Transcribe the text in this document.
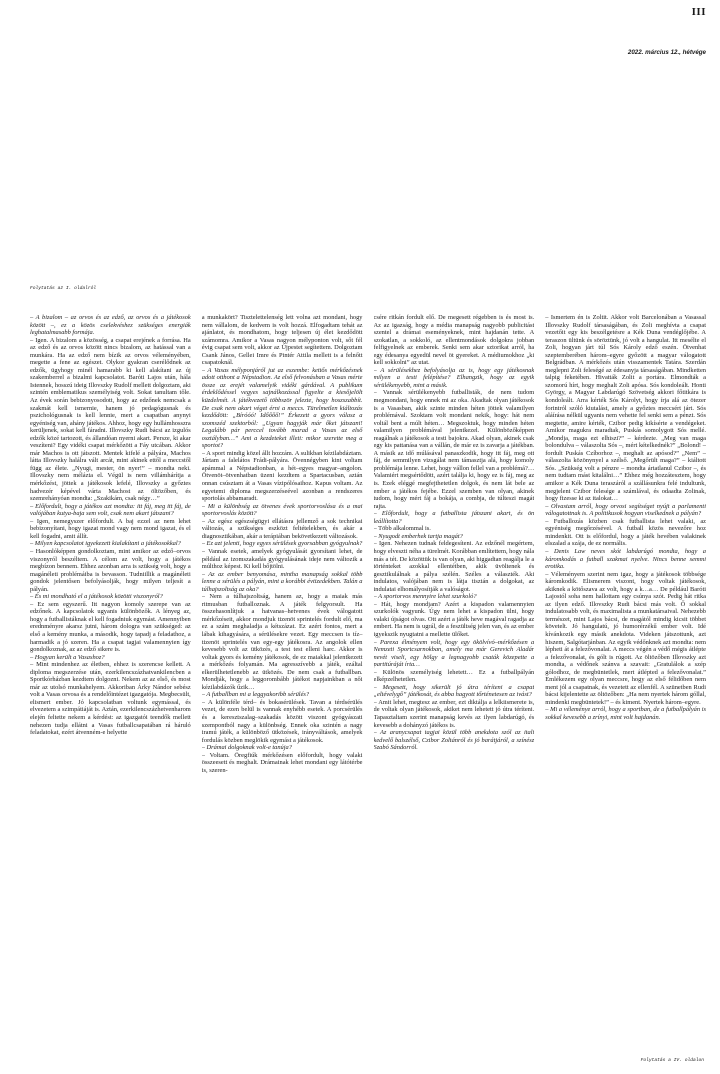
III
2022. március 12., hétvége
Folytatás az I. oldalról

– A bizalom – az orvos és az edző, az orvos és a játékosok között –, ez a közös cselekvéshez szükséges energiák leghatalmasabb formája.

– Igen. A bizalom a közösség, a csapat erejének a forrása. Ha az edző és az orvos között nincs bizalom, az hatással van a munkára. Ha az edző nem bízik az orvos véleményében, megette a fene az egészet. Olykor gyakran cserélődnek az edzők, ügyhogy minél hamarabb ki kell alakítani az új szakemberrel a bizalmi kapcsolatot. Baróti Lajos után, hála Istennek, hosszú ideig Illovszky Rudolf mellett dolgoztam, aki szintén emblematikus személyiség volt. Sokat tanultam tőle. Az évek során bebizonyosodott, hogy az edzőnek nemcsak a szakmát kell ismernie, hanem jó pedagógusnak és pszichológusnak is kell lennie, mert a csapatban anynyi egyéniség van, ahány játékos. Ahhoz, hogy egy hullámhosszra kerüljenek, sokat kell fáradni. Illovszky Rudi bácsi az izgulós edzők közé tartozott, és állandóan nyerni akart. Persze, ki akar veszíteni? Egy vidéki csapat mérkőzött a Fáy utcában. Akkor már Machos is ott játszott. Mentek kifelé a pályára, Machos látta Illovszky halálra vált arcát, mint akinek ettől a meccstől függ az élete. „Nyugi, mester, ön nyer!” – mondta neki. Illovszky nem mélázta el. Végül is nem villámhárítja a mérkőzést, jöttek a játékosok lefelé, Illovszky a győztes hadvezér képével várta Machost az öltözőben, és szemrehányóan mondta: „Szakikám, csak négy…”

– Előfordult, hogy a játékos azt mondta: itt fáj, meg itt fáj, de valójában kutya-baja sem volt, csak nem akart játszani?

– Igen, nemegyszer előfordult. A baj ezzel az nem lehet bebizonyítani, hogy igazat mond vagy nem mond igazat, és el kell fogadni, amit állít.

– Milyen kapcsolatot igyekezett kialakítani a játékosokkal?

– Hasonlóképpen gondolkoztam, mint amikor az edző–orvos viszonyról beszéltem. A célom az volt, hogy a játékos megbízon bennem. Ehhez azonban arra is szükség volt, hogy a magánéleti problémáiba is bevasson. Tudniillik a magánéleti gondok jelentősen befolyásolják, hogy milyen teljesít a pályán.

– És mi mondható el a játékosok közötti viszonyról?

– Ez sem egyszerű. Itt nagyon komoly szerepe van az edzőnek. A kapcsolatok ugyanis különbözők. A lényeg az, hogy a futballistáknak el kell fogadniuk egymást. Amennyiben erednményre akarsz jutni, három dologra van szükséged: az első a kemény munka, a második, hogy tapadj a feladathoz, a harmadik a jó szeren. Ha a csapat tagjai valamennyien így gondolkoznak, az az edző sikere is.

– Hogyan került a Vasashoz?

– Mint mindenhez az életben, ehhez is szerencse kellett. A diploma megszerzése után, ezerkilencszázhatvankilencben a Sportkórházban kezdtem dolgozni. Nekem az az első, és most már az utolsó munkahelyem. Akkoriban Árky Nándor sebész volt a Vasas orvosa és a rendelőintézet igazgatója. Megbecsült, elismert ember. Jó kapcsolatban voltunk egymással, és elvezetem a szimpátiáját is. Aztán, ezerkilencszázhetvenharom elején feltette nekem a kérdést: az igazgatói teendők mellett nehezen tudja ellátni a Vasas futballcsapatában rá háruló feladatokat, ezért átvenném-e helyette

a munkakört? Tisztelettelenség lett volna azt mondani, hogy nem vállalom, de kedvem is volt hozzá. Elfogadtam tehát az ajánlatot, és mondhatom, hogy teljesen új élet kezdődött számomra. Amikor a Vasas nagyon mélyponton volt, sőt fél évig csapat sem volt, akkor az Újpestet segítettem. Dolgoztam Csank János, Gellei Imre és Pintér Attila mellett is a felnőtt csapatoknál.

– A Vasas mélyponjáról jut az eszembe: kettős mérkőzésnek adott otthont a Népstadion. Az első felvonásban a Vasas mérte össze az erejét valamelyik vidéki gárdával. A publikum érdeklődéssel vegyes sajnálkozással figyelte a kiesőjelölt küzdelmét. A játékvezető többször jelezte, hogy hoszszabbít. De csak nem akart véget érni a meccs. Türelmetlen kiáltozás kezdődött: „Bíróóó! Időőőő!” Érkezett a gyors válasz a szomszéd szektorból: „Ugyan hagyják már őket játszani! Legalább pár perccel tovább marad a Vasas az első osztályban…” Ami a kezdeteket illeti: mikor szerette meg a sportot?

– A sport mindig közel állt hozzám. A sulikban kézilabdáztam. Jártam a falelátos Frádi-pályára. Övennégyben kint voltam apámmal a Népstadionban, a hét–egyes magyar–angolon. Ötvenöt–ötvenhatban üzeni kezdtem a Spartacusban, aztán onnan csúsztam át a Vasas vízipólósaihoz. Kapus voltam. Az egyetemi diploma megszerzéseével azonban a rendszeres sportolás abbamaradt.

– Mi a különbség az ötvenes évek sportorvoslása és a mai sportorvoslás között?

– Az egész egészségügyi ellátásra jellemző a sok technikai változás, a szükséges eszközt feltételekben, és akár a diagnosztikában, akár a terápiában bekövetkezett változások.

– Ez azt jelenti, hogy egyes sérülések gyorsabban gyógyulnak?

– Vannak esetek, amelyek gyógyulását gyorsítani lehet, de például az izomszakadás gyógyulásának ideje nem változik a múlthoz képest. Ki kell bőjtölni.

– Az az ember benyomása, mintha manapság sokkal több lenne a sérülés a pályán, mint a korábbi évtizedekben. Talán a túlhajszoltság az oka?

– Nem a túlhajszoltság, hanem az, hogy a maiak más ritmusban futballoznak. A játék felgyorsult. Ha összehasonlítjuk a hatvanas–hetvenes évek válogatott mérkőzéseit, akkor mondjuk tizenöt sprintelés fordult elő, ma ez a szám meghaladja a kétszázat. Ez azért fontos, mert a lábak kihagyására, a sérülésekre vezet. Egy meccsen is tíz–tizenöt sprintelés van egy-egy játékosra. Az angolok ellen kevesebb volt az ütközés, a test test elleni harc. Akkor is voltak gyors és kemény játékosok, de ez maiakkal jelentkezett a mérkőzés folyamán. Ma agresszívebb a játék, ezáltal elkerülhetetlenebb az ütközés. De nem csak a futballban. Mondják, hogy a leggorombább játékot napjainkban a női kézilabdázók űzik…

– A futballban mi a leggyakoribb sérülés?

– A különféle térd– és bokasérülések. Tavan a térdsérülés vezet, de ezen belül is vannak enyhébb esetek. A porcsérülés és a keresztszalag–szakadás között viszont gyógyászati szempontból nagy a különbség. Ennek oka szintén a nagy iramú játék, a különböző ütközések, irányváltások, amelyek fordulás közben meglökik egymást a játékosok.

– Drámai dolgoknak volt-e tanúja?

– Voltam. Öregfiúk mérkőzésen előfordult, hogy valaki összeesett és meghalt. Drámainak lehet mondani egy látótérbe is, szeren-

csére ritkán fordult elő. De megesett régebben is és most is. Az az igazság, hogy a média manapság nagyobb publicitást szentel a drámai eseményeknek, mint hajdanán tette. A szokatlan, a sokkoló, az ellentmondások dolgokra jobban felfigyelnek az emberek. Senki sem akar sztorikat arról, ha egy édesanya egyedül nevel öt gyereket. A médiumokhoz „ki kell sokkolni” az utat.

– A sérülésekhez befolyásolja az is, hogy egy játékosnak milyen a testi felépítése? Elhangzik, hogy az egyik sérülékenyebb, mint a másik.

– Vannak sérülékenyebb futballisták, de nem tudom megmondani, hogy ennek mi az oka. Akadtak olyan játékosok is a Vasasban, akik szinte minden héten jöttek valamilyen problémával. Szoktam volt mondani nekik, hogy: hát nem voltál bent a múlt héten… Megszoktuk, hogy minden héten valamilyen problémával jelentkezel. Különbözőképpen reagálnak a játékosok a testi bajokra. Akad olyan, akinek csak egy kis pattanása van a vállán, de már ez is zavarja a játékban. A másik az idő múlásával panaszkodik, hogy itt fáj, meg ott fáj, de semmilyen vizsgálat nem támasztja alá, hogy komoly problémája lenne. Lehet, hogy vállon fellel van a problémá?… Valamiért megsértődött, azért találja ki, hogy ez is fáj, meg az is. Ezek eléggé megfejthetetlen dolgok, és nem lát bele az ember a játékos fejébe. Ezzel szemben van olyan, akinek tudom, hogy mért fáj a bokája, a combja, de túlteszi magát rajta.

– Előfordult, hogy a futballista játszani akart, és ön leállította?

– Több alkalommal is.

– Nyugodt emberhek tartja magát?

– Igen. Nehezen tudnak feldegesíteni. Az edzőnél megértem, hogy elveszti néha a türelmét. Korábban említettem, hogy nála más a tét. De közöttük is van olyan, aki higgadtan reagálja le a történteket azokkal ellentétben, akik üvöltenek és gesztikulálnak a pálya szélén. Széles a választék. Aki indulatos, valójában nem is látja tisztán a dolgokat, az indulatai elhomályosítják a valóságot.

– A sportorvos mennyire lehet szurkoló?

– Hát, hogy mondjam? Azért a kispadon valamennyien szurkolók vagyunk. Úgy nem lehet a kispadon ülni, hogy valaki újságot olvas. Ott azért a játék heve magával ragadja az embert. Ha nem is ugrál, de a feszültség jelen van, és az ember igyekszik nyugtatni a mellette ülőket.

– Parexa élményem volt, hogy egy ökölvívó–mérkőzésen a Nemzeti Sportcsarnokban, amely ma már Gerevich Aladár nevét viseli, egy hölgy a legnagyobb csaták közepette a partitúráját írta…

– Különös személyiség lehetett… Ez a futballpályán elképzelhetetlen.

– Megesett, hogy sikerült jó útra téríteni a csapat „eltévelygő” játékosát, és abba hagyott tőrténetesen az ivást?

– Amit lehet, megtesz az ember, ezt diktálja a lelkiismerete is, de voltak olyan játékosok, akiket nem lehetett jó útra téríteni. Tapasztaltam szerint manapság kevés az ilyen labdarúgó, és kevesebb a dohányzó játékos is.

– Az aranycsapat tagjai közül több anekdota szól az itali kedvelő balszélső, Czibor Zoltánról és jó barátjáról, a színész Szabó Sándorról.

– Ismertem én is Zoltit. Akkor volt Barcelonában a Vasassal Illovszky Rudolf társaságában, és Zoli meghívta a csapat vezetőit egy kis beszélgetésre a Kék Duna vendéglőjébe. A teraszon ültünk és söröztünk, jó volt a hangulat. Itt mesélte el Zoli, hogyan járt túl Sós Károly edző eszén. Ötvenhat szeptemberében három–egyre győzött a magyar válogatott Belgrádban. A mérkőzés után visszamentek Tatára. Szerdán meglepni Zoli feleségé az édesanyja társaságában. Mindketten talpig feketében. Hivatták Zolit a portára. Elmondták a szomorú hírt, hogy meghalt Zoli apósa. Sós kondoleált. Honti György, a Magyar Labdarúgó Szövetség akkori főtitkára is kondoleált. Arra kérték Sós Károlyt, hogy írja alá az ötezer forintról szóló kiutalást, amely a győztes meccsért járt. Sós aláírása nélkül ugyanis nem vehette fel senki sem a pénzt. Sós megtette, amire kérték, Czibor pedig kikísérte a vendégeket. Amikor magukra maradtak, Puskás somolygott Sós mellé. „Mondja, maga ezt elhiszi?” – kérdezte. „Meg van maga bolondulva – válaszolta Sós –, mért kételkednék?” „Bolond! – fordult Puskás Czíborhoz –, meghalt az apósod?” „Nem” – válaszolta közönynyel a szélső. „Megőrült maga?” – kiáltott Sós. „Szükség volt a pénzre – mondta ártatlanul Czibor –, és nem tudtam mást kitalálni…” Ehhez még hozzátesztem, hogy amikor a Kék Duna teraszáról a szállásunkra felé indultunk, megjelent Czibor felesége a számlával, és odaadta Zolinak, hogy fizesse ki az italokat…

– Olvastam arról, hogy orvosi segítséget nyújt a parlamenti válogatottnak is. A politikusok hogyan viselkednek a pályán?

– Futballozás közben csak futballista lehet valaki, az egyéniség megőrzésével. A futball közös nevezőre hoz mindenkit. Ott is előfordul, hogy a játék hevében valakinek elszalad a szája, de ez normális.

– Denis Law neves skót labdarúgó mondta, hogy a káromkodás a futball szakmai nyelve. Nincs benne semmi erotika.

– Véleményem szerint nem igaz, hogy a játékosok többsége káromkodik. Elismerem viszont, hogy voltak játékosok, akiknek a kötőszava az volt, hogy a k…a… De például Baróti Lajostól soha nem hallottam egy csúnya szót. Pedig hát ritka az ilyen edző. Illovszky Rudi bácsi más volt. Ő sokkal indulatosabb volt, és maximalista a munkatársaival. Nehezebb természet, mint Lajos bácsi, de magától mindig kicsit többet követelt. Jó hangulatú, jó humorérzékű ember volt. Idé kívánkozik egy másik anekdota. Videken játszottunk, azt hiszem, Salgótarjánban. Az egyik védőnknek azt mondta: nem lépheti át a felezővonalat. A meccs végén a védő mégis átlépte a felezővonalat, és gólt is rúgott. Az öltözőben Illovszky azt mondta, a védőnek szánva a szavait: „Gratulálok a szép gólodhoz, de megbüntetlek, mert átlépted a felezővonalat.” Emlékezem egy olyan meccsre, hogy az első félidőben nem ment jól a csapatnak, és vezetett az ellenfél. A szünetben Rudi bácsi kijelentette az öltözőben: „Ha nem nyertek három góllal, mindenki megbüntetek!” – és kiment. Nyertek három–egyre.

– Mi a véleménye arról, hogy a sportban, de a futballpályán is sokkal kevesebb a zrínyi, mint volt hajdanán.

Folytatás a IV. oldalon
